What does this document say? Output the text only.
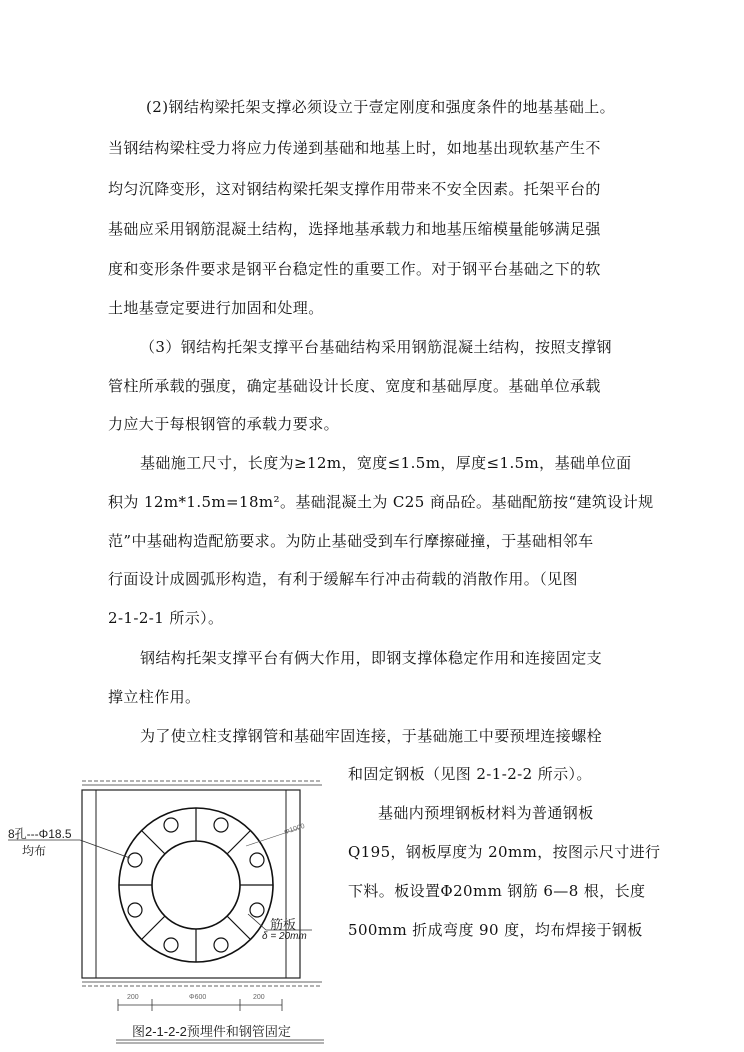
(2)钢结构梁托架支撑必须设立于壹定刚度和强度条件的地基基础上。
当钢结构梁柱受力将应力传递到基础和地基上时，如地基出现软基产生不
均匀沉降变形，这对钢结构梁托架支撑作用带来不安全因素。托架平台的
基础应采用钢筋混凝土结构，选择地基承载力和地基压缩模量能够满足强
度和变形条件要求是钢平台稳定性的重要工作。对于钢平台基础之下的软
土地基壹定要进行加固和处理。
（3）钢结构托架支撑平台基础结构采用钢筋混凝土结构，按照支撑钢
管柱所承载的强度，确定基础设计长度、宽度和基础厚度。基础单位承载
力应大于每根钢管的承载力要求。
基础施工尺寸，长度为≥12m，宽度≤1.5m，厚度≤1.5m，基础单位面
积为 12m*1.5m=18m²。基础混凝土为 C25 商品砼。基础配筋按“建筑设计规
范”中基础构造配筋要求。为防止基础受到车行摩擦碰撞，于基础相邻车
行面设计成圆弧形构造，有利于缓解车行冲击荷载的消散作用。（见图
2-1-2-1 所示）。
钢结构托架支撑平台有俩大作用，即钢支撑体稳定作用和连接固定支
撑立柱作用。
为了使立柱支撑钢管和基础牢固连接，于基础施工中要预埋连接螺栓
和固定钢板（见图 2-1-2-2 所示）。
基础内预埋钢板材料为普通钢板
Q195，钢板厚度为 20mm，按图示尺寸进行
下料。板设置Φ20mm 钢筋 6—8 根，长度
500mm 折成弯度 90 度，均布焊接于钢板
8孔---Φ18.5
均布
Φ1000
筋板
δ = 20mm
200	Φ600	200
图2-1-2-2预埋件和钢管固定
